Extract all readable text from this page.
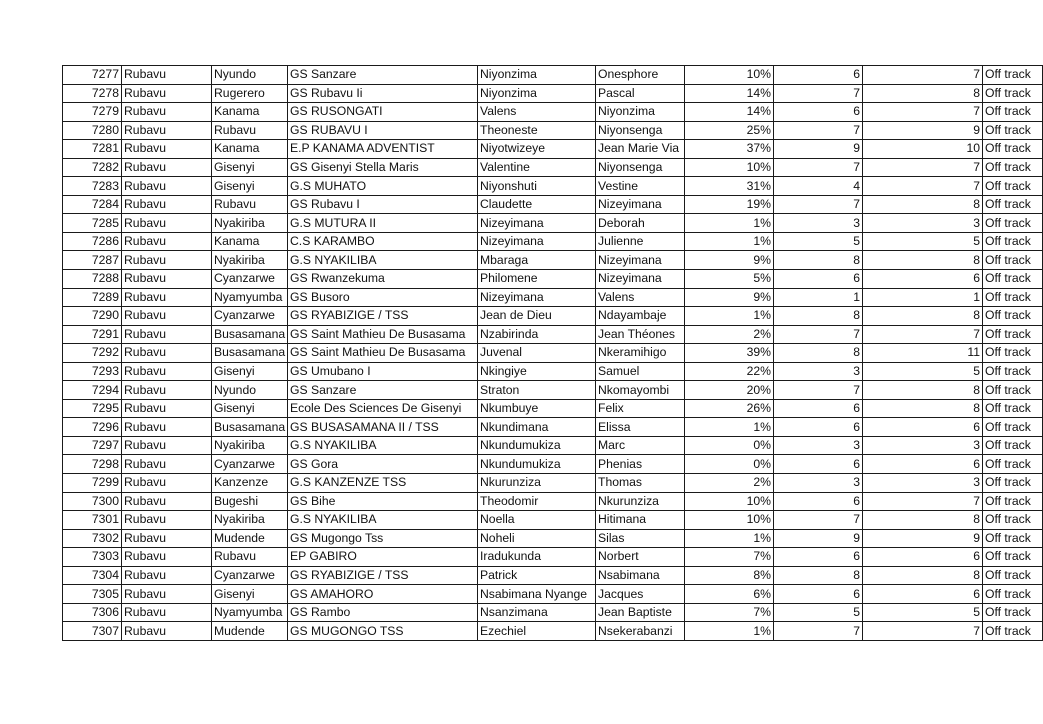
7277	Rubavu	Nyundo	GS Sanzare	Niyonzima	Onesphore	10%	6	7	Off track
7278	Rubavu	Rugerero	GS Rubavu Ii	Niyonzima	Pascal	14%	7	8	Off track
7279	Rubavu	Kanama	GS RUSONGATI	Valens	Niyonzima	14%	6	7	Off track
7280	Rubavu	Rubavu	GS RUBAVU I	Theoneste	Niyonsenga	25%	7	9	Off track
7281	Rubavu	Kanama	E.P KANAMA ADVENTIST	Niyotwizeye	Jean Marie Via	37%	9	10	Off track
7282	Rubavu	Gisenyi	GS Gisenyi Stella Maris	Valentine	Niyonsenga	10%	7	7	Off track
7283	Rubavu	Gisenyi	G.S MUHATO	Niyonshuti	Vestine	31%	4	7	Off track
7284	Rubavu	Rubavu	GS Rubavu I	Claudette	Nizeyimana	19%	7	8	Off track
7285	Rubavu	Nyakiriba	G.S MUTURA II	Nizeyimana	Deborah	1%	3	3	Off track
7286	Rubavu	Kanama	C.S KARAMBO	Nizeyimana	Julienne	1%	5	5	Off track
7287	Rubavu	Nyakiriba	G.S NYAKILIBA	Mbaraga	Nizeyimana	9%	8	8	Off track
7288	Rubavu	Cyanzarwe	GS Rwanzekuma	Philomene	Nizeyimana	5%	6	6	Off track
7289	Rubavu	Nyamyumba	GS Busoro	Nizeyimana	Valens	9%	1	1	Off track
7290	Rubavu	Cyanzarwe	GS RYABIZIGE / TSS	Jean de Dieu	Ndayambaje	1%	8	8	Off track
7291	Rubavu	Busasamana	GS Saint Mathieu De Busasama	Nzabirinda	Jean Théones	2%	7	7	Off track
7292	Rubavu	Busasamana	GS Saint Mathieu De Busasama	Juvenal	Nkeramihigo	39%	8	11	Off track
7293	Rubavu	Gisenyi	GS Umubano I	Nkingiye	Samuel	22%	3	5	Off track
7294	Rubavu	Nyundo	GS Sanzare	Straton	Nkomayombi	20%	7	8	Off track
7295	Rubavu	Gisenyi	Ecole Des Sciences De Gisenyi	Nkumbuye	Felix	26%	6	8	Off track
7296	Rubavu	Busasamana	GS BUSASAMANA II / TSS	Nkundimana	Elissa	1%	6	6	Off track
7297	Rubavu	Nyakiriba	G.S NYAKILIBA	Nkundumukiza	Marc	0%	3	3	Off track
7298	Rubavu	Cyanzarwe	GS Gora	Nkundumukiza	Phenias	0%	6	6	Off track
7299	Rubavu	Kanzenze	G.S KANZENZE TSS	Nkurunziza	Thomas	2%	3	3	Off track
7300	Rubavu	Bugeshi	GS Bihe	Theodomir	Nkurunziza	10%	6	7	Off track
7301	Rubavu	Nyakiriba	G.S NYAKILIBA	Noella	Hitimana	10%	7	8	Off track
7302	Rubavu	Mudende	GS Mugongo Tss	Noheli	Silas	1%	9	9	Off track
7303	Rubavu	Rubavu	EP GABIRO	Iradukunda	Norbert	7%	6	6	Off track
7304	Rubavu	Cyanzarwe	GS RYABIZIGE / TSS	Patrick	Nsabimana	8%	8	8	Off track
7305	Rubavu	Gisenyi	GS AMAHORO	Nsabimana Nyange	Jacques	6%	6	6	Off track
7306	Rubavu	Nyamyumba	GS Rambo	Nsanzimana	Jean Baptiste	7%	5	5	Off track
7307	Rubavu	Mudende	GS MUGONGO TSS	Ezechiel	Nsekerabanzi	1%	7	7	Off track
